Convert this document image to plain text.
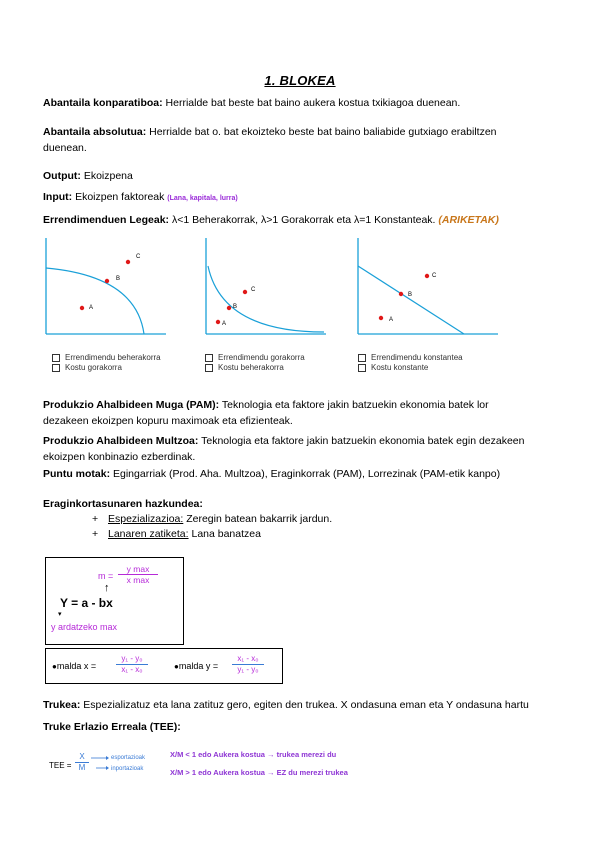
1. BLOKEA
Abantaila konparatiboa: Herrialde bat beste bat baino aukera kostua txikiagoa duenean.
Abantaila absolutua: Herrialde bat o. bat ekoizteko beste bat baino baliabide gutxiago erabiltzen
duenean.
Output: Ekoizpena
Input: Ekoizpen faktoreak (Lana, kapitala, lurra)
Errendimenduen Legeak: λ<1 Beherakorrak, λ>1 Gorakorrak eta λ=1 Konstanteak. (ARIKETAK)
A
B
C
Errendimendu beherakorra
Kostu gorakorra
A
B
C
Errendimendu gorakorra
Kostu beherakorra
A
B
C
Errendimendu konstantea
Kostu konstante
Produkzio Ahalbideen Muga (PAM): Teknologia eta faktore jakin batzuekin ekonomia batek lor
dezakeen ekoizpen kopuru maximoak eta efizienteak.
Produkzio Ahalbideen Multzoa: Teknologia eta faktore jakin batzuekin ekonomia batek egin dezakeen
ekoizpen konbinazio ezberdinak.
Puntu motak: Egingarriak (Prod. Aha. Multzoa), Eraginkorrak (PAM), Lorrezinak (PAM-etik kanpo)
Eraginkortasunaren hazkundea:
+ Espezializazioa: Zeregin batean bakarrik jardun.
+ Lanaren zatiketa: Lana banatzea
m =
y max
x max
↑
Y = a - bx
▾
y ardatzeko max
●malda $x = \frac{\text{y₁ - y₀}}{\text{x₁ - x₀}}$	●malda $y = \frac{\text{x₁ - x₀}}{\text{y₁ - y₀}}$
Trukea: Espezializatuz eta lana zatituz gero, egiten den trukea. X ondasuna eman eta Y ondasuna hartu
Truke Erlazio Erreala (TEE):
TEE = $\frac{X}{M}$	esportazioak
inportazioak
X/M < 1 edo Aukera kostua → trukea merezi du
X/M > 1 edo Aukera kostua → EZ du merezi trukea
